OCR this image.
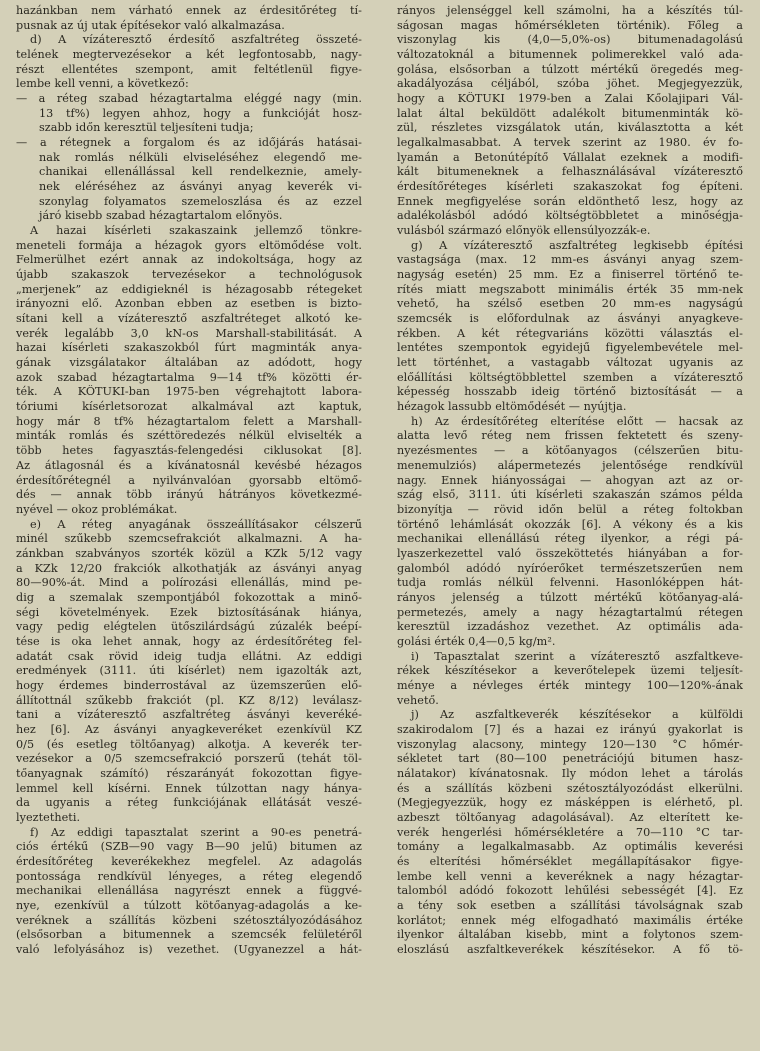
hazánkban nem várható ennek az érdesitőréteg tí-
pusnak az új utak építésekor való alkalmazása.
d) A vízáteresztő érdesítő aszfaltréteg összeté-
telének megtervezésekor a két legfontosabb, nagy-
részt ellentétes szempont, amit feltétlenül figye-
lembe kell venni, a következő:
— a réteg szabad hézagtartalma eléggé nagy (min.
13 tf%) legyen ahhoz, hogy a funkcióját hosz-
szabb időn keresztül teljesíteni tudja;
— a rétegnek a forgalom és az időjárás hatásai-
nak romlás nélküli elviseléséhez elegendő me-
chanikai ellenállással kell rendelkeznie, amely-
nek eléréséhez az ásványi anyag keverék vi-
szonylag folyamatos szemeloszlása és az ezzel
járó kisebb szabad hézagtartalom előnyös.
A hazai kísérleti szakaszaink jellemző tönkre-
meneteli formája a hézagok gyors eltömődése volt.
Felmerülhet ezért annak az indokoltsága, hogy az
újabb szakaszok tervezésekor a technológusok
„merjenek” az eddigieknél is hézagosabb rétegeket
irányozni elő. Azonban ebben az esetben is bizto-
sítani kell a vízáteresztő aszfaltréteget alkotó ke-
verék legalább 3,0 kN-os Marshall-stabilitását. A
hazai kísérleti szakaszokból fúrt magminták anya-
gának vizsgálatakor általában az adódott, hogy
azok szabad hézagtartalma 9—14 tf% közötti ér-
ték. A KÖTUKI-ban 1975-ben végrehajtott labora-
tóriumi kísérletsorozat alkalmával azt kaptuk,
hogy már 8 tf% hézagtartalom felett a Marshall-
minták romlás és széttöredezés nélkül elviselték a
több hetes fagyasztás-felengedési ciklusokat [8].
Az átlagosnál és a kívánatosnál kevésbé hézagos
érdesítőrétegnél a nyilvánvalóan gyorsabb eltömő-
dés — annak több irányú hátrányos következmé-
nyével — okoz problémákat.
e) A réteg anyagának összeállításakor célszerű
minél szűkebb szemcsefrakciót alkalmazni. A ha-
zánkban szabványos szorték közül a KZk 5/12 vagy
a KZk 12/20 frakciók alkothatják az ásványi anyag
80—90%-át. Mind a polírozási ellenállás, mind pe-
dig a szemalak szempontjából fokozottak a minő-
ségi követelmények. Ezek biztosításának hiánya,
vagy pedig elégtelen ütőszilárdságú zúzalék beépí-
tése is oka lehet annak, hogy az érdesítőréteg fel-
adatát csak rövid ideig tudja ellátni. Az eddigi
eredmények (3111. úti kísérlet) nem igazolták azt,
hogy érdemes binderrostával az üzemszerűen elő-
állítottnál szűkebb frakciót (pl. KZ 8/12) leválasz-
tani a vízáteresztő aszfaltréteg ásványi keveréké-
hez [6]. Az ásványi anyagkeveréket ezenkívül KZ
0/5 (és esetleg töltőanyag) alkotja. A keverék ter-
vezésekor a 0/5 szemcsefrakció porszerű (tehát töl-
tőanyagnak számító) részarányát fokozottan figye-
lemmel kell kísérni. Ennek túlzottan nagy hánya-
da ugyanis a réteg funkciójának ellátását veszé-
lyeztetheti.
f) Az eddigi tapasztalat szerint a 90-es penetrá-
ciós értékű (SZB—90 vagy B—90 jelű) bitumen az
érdesítőréteg keverékekhez megfelel. Az adagolás
pontossága rendkívül lényeges, a réteg elegendő
mechanikai ellenállása nagyrészt ennek a függvé-
nye, ezenkívül a túlzott kötőanyag-adagolás a ke-
veréknek a szállítás közbeni szétosztályozódásához
(elsősorban a bitumennek a szemcsék felületéről
való lefolyásához is) vezethet. (Ugyanezzel a hát-
rányos jelenséggel kell számolni, ha a készítés túl-
ságosan magas hőmérsékleten történik). Főleg a
viszonylag kis (4,0—5,0%-os) bitumenadagolású
változatoknál a bitumennek polimerekkel való ada-
golása, elsősorban a túlzott mértékű öregedés meg-
akadályozása céljából, szóba jöhet. Megjegyezzük,
hogy a KÖTUKI 1979-ben a Zalai Kőolajipari Vál-
lalat által beküldött adalékolt bitumenminták kö-
zül, részletes vizsgálatok után, kiválasztotta a két
legalkalmasabbat. A tervek szerint az 1980. év fo-
lyamán a Betonútépítő Vállalat ezeknek a modifi-
kált bitumeneknek a felhasználásával vízáteresztő
érdesítőréteges kísérleti szakaszokat fog építeni.
Ennek megfigyelése során eldönthető lesz, hogy az
adalékolásból adódó költségtöbbletet a minőségja-
vulásból származó előnyök ellensúlyozzák-e.
g) A vízáteresztő aszfaltréteg legkisebb építési
vastagsága (max. 12 mm-es ásványi anyag szem-
nagyság esetén) 25 mm. Ez a finiserrel történő te-
rítés miatt megszabott minimális érték 35 mm-nek
vehető, ha szélső esetben 20 mm-es nagyságú
szemcsék is előfordulnak az ásványi anyagkeve-
rékben. A két rétegvariáns közötti választás el-
lentétes szempontok egyidejű figyelembevétele mel-
lett történhet, a vastagabb változat ugyanis az
előállítási költségtöbblettel szemben a vízáteresztő
képesség hosszabb ideig történő biztosítását — a
hézagok lassubb eltömődését — nyújtja.
h) Az érdesítőréteg elterítése előtt — hacsak az
alatta levő réteg nem frissen fektetett és szeny-
nyezésmentes — a kötőanyagos (célszerűen bitu-
menemulziós) alápermetezés jelentősége rendkívül
nagy. Ennek hiányosságai — ahogyan azt az or-
szág első, 3111. úti kísérleti szakaszán számos példa
bizonyítja — rövid időn belül a réteg foltokban
történő lehámlását okozzák [6]. A vékony és a kis
mechanikai ellenállású réteg ilyenkor, a régi pá-
lyaszerkezettel való összeköttetés hiányában a for-
galomból adódó nyíróerőket természetszerűen nem
tudja romlás nélkül felvenni. Hasonlóképpen hát-
rányos jelenség a túlzott mértékű kötőanyag-alá-
permetezés, amely a nagy hézagtartalmú rétegen
keresztül izzadáshoz vezethet. Az optimális ada-
golási érték 0,4—0,5 kg/m².
i) Tapasztalat szerint a vízáteresztő aszfaltkeve-
rékek készítésekor a keverőtelepek üzemi teljesít-
ménye a névleges érték mintegy 100—120%-ának
vehető.
j) Az aszfaltkeverék készítésekor a külföldi
szakirodalom [7] és a hazai ez irányú gyakorlat is
viszonylag alacsony, mintegy 120—130 °C hőmér-
sékletet tart (80—100 penetrációjú bitumen hasz-
nálatakor) kívánatosnak. Ily módon lehet a tárolás
és a szállítás közbeni szétosztályozódást elkerülni.
(Megjegyezzük, hogy ez másképpen is elérhető, pl.
azbeszt töltőanyag adagolásával). Az elterített ke-
verék hengerlési hőmérsékletére a 70—110 °C tar-
tomány a legalkalmasabb. Az optimális keverési
és elterítési hőmérséklet megállapításakor figye-
lembe kell venni a keveréknek a nagy hézagtar-
talomból adódó fokozott lehűlési sebességét [4]. Ez
a tény sok esetben a szállítási távolságnak szab
korlátot; ennek még elfogadható maximális értéke
ilyenkor általában kisebb, mint a folytonos szem-
eloszlású aszfaltkeverékek készítésekor. A fő tö-
